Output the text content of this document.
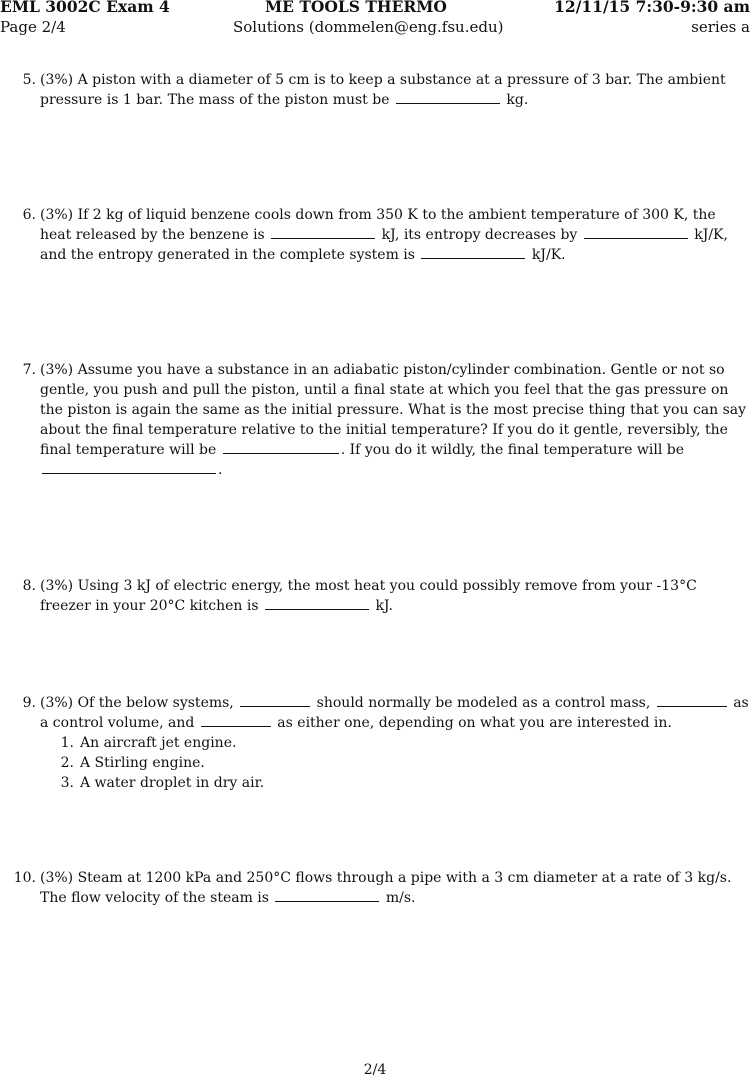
EML 3002C Exam 4	ME TOOLS THERMO	12/11/15 7:30-9:30 am
Page 2/4	Solutions (dommelen@eng.fsu.edu)	series a
5. (3%) A piston with a diameter of 5 cm is to keep a substance at a pressure of 3 bar. The ambient pressure is 1 bar. The mass of the piston must be	kg.
6. (3%) If 2 kg of liquid benzene cools down from 350 K to the ambient temperature of 300 K, the heat released by the benzene is	kJ, its entropy decreases by	kJ/K, and the entropy generated in the complete system is	kJ/K.
7. (3%) Assume you have a substance in an adiabatic piston/cylinder combination. Gentle or not so gentle, you push and pull the piston, until a final state at which you feel that the gas pressure on the piston is again the same as the initial pressure. What is the most precise thing that you can say about the final temperature relative to the initial temperature? If you do it gentle, reversibly, the final temperature will be	. If you do it wildly, the final temperature will be .
8. (3%) Using 3 kJ of electric energy, the most heat you could possibly remove from your -13°C freezer in your 20°C kitchen is	kJ.
9. (3%) Of the below systems,	should normally be modeled as a control mass,	as a control volume, and	as either one, depending on what you are interested in.
1. An aircraft jet engine.
2. A Stirling engine.
3. A water droplet in dry air.
10. (3%) Steam at 1200 kPa and 250°C flows through a pipe with a 3 cm diameter at a rate of 3 kg/s. The flow velocity of the steam is	m/s.
2/4
